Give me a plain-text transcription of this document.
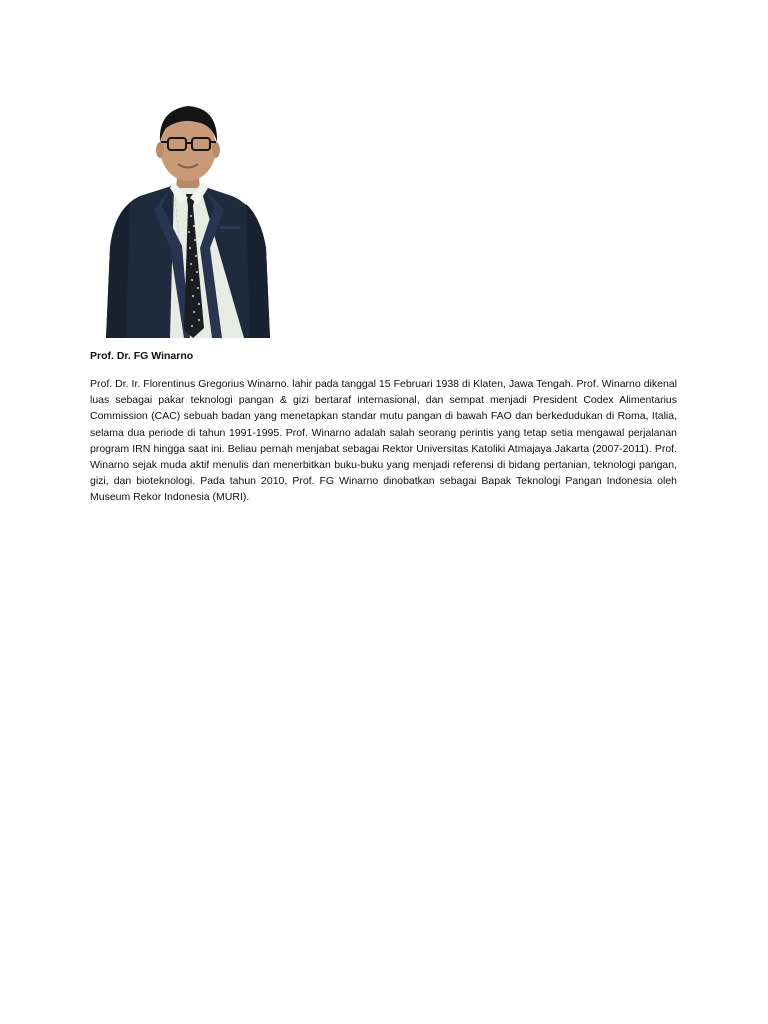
Prof. Dr. FG Winarno

Prof. Dr. Ir. Florentinus Gregorius Winarno. lahir pada tanggal 15 Februari 1938 di Klaten, Jawa Tengah. Prof. Winarno dikenal luas sebagai pakar teknologi pangan & gizi bertaraf internasional, dan sempat menjadi President Codex Alimentarius Commission (CAC) sebuah badan yang menetapkan standar mutu pangan di bawah FAO dan berkedudukan di Roma, Italia, selama dua periode di tahun 1991-1995. Prof. Winarno adalah salah seorang perintis yang tetap setia mengawal perjalanan program IRN hingga saat ini. Beliau pernah menjabat sebagai Rektor Universitas Katoliki Atmajaya Jakarta (2007-2011). Prof. Winarno sejak muda aktif menulis dan menerbitkan buku-buku yang menjadi referensi di bidang pertanian, teknologi pangan, gizi, dan bioteknologi. Pada tahun 2010, Prof. FG Winarno dinobatkan sebagai Bapak Teknologi Pangan Indonesia oleh Museum Rekor Indonesia (MURI).
